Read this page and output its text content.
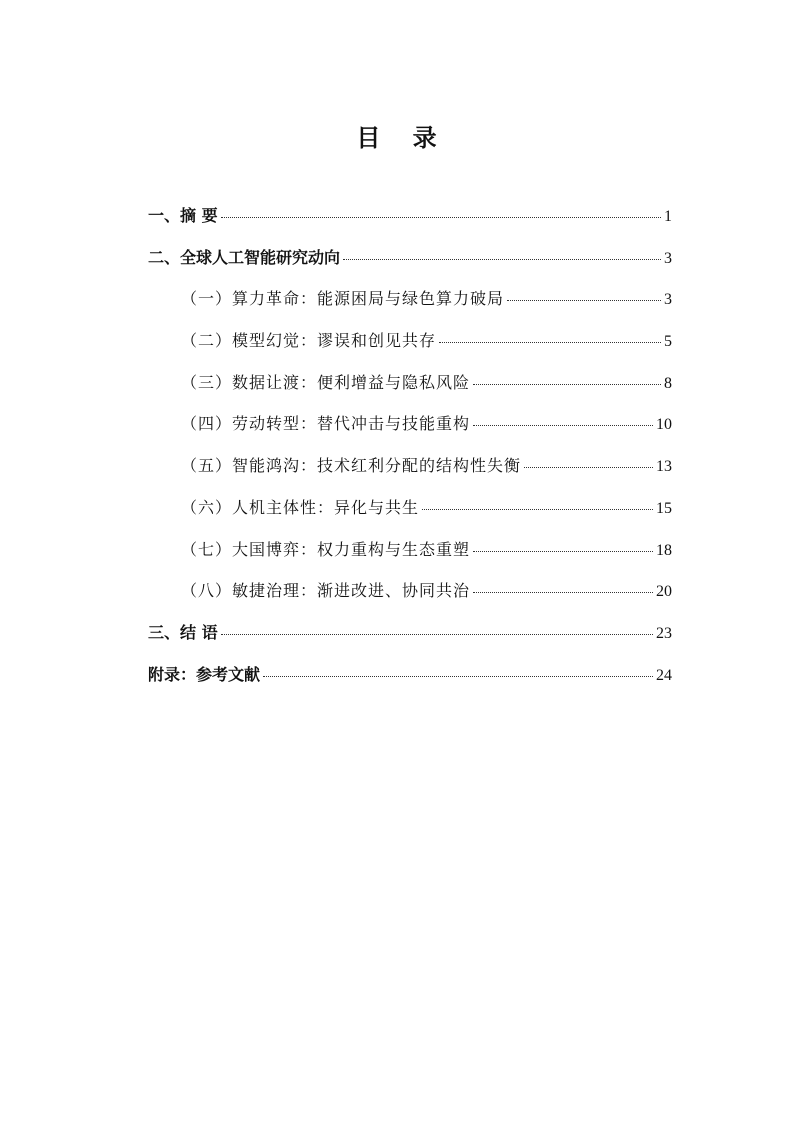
目 录
一、摘 要	1
二、全球人工智能研究动向	3
（一）算力革命：能源困局与绿色算力破局	3
（二）模型幻觉：谬误和创见共存	5
（三）数据让渡：便利增益与隐私风险	8
（四）劳动转型：替代冲击与技能重构	10
（五）智能鸿沟：技术红利分配的结构性失衡	13
（六）人机主体性：异化与共生	15
（七）大国博弈：权力重构与生态重塑	18
（八）敏捷治理：渐进改进、协同共治	20
三、结 语	23
附录：参考文献	24
